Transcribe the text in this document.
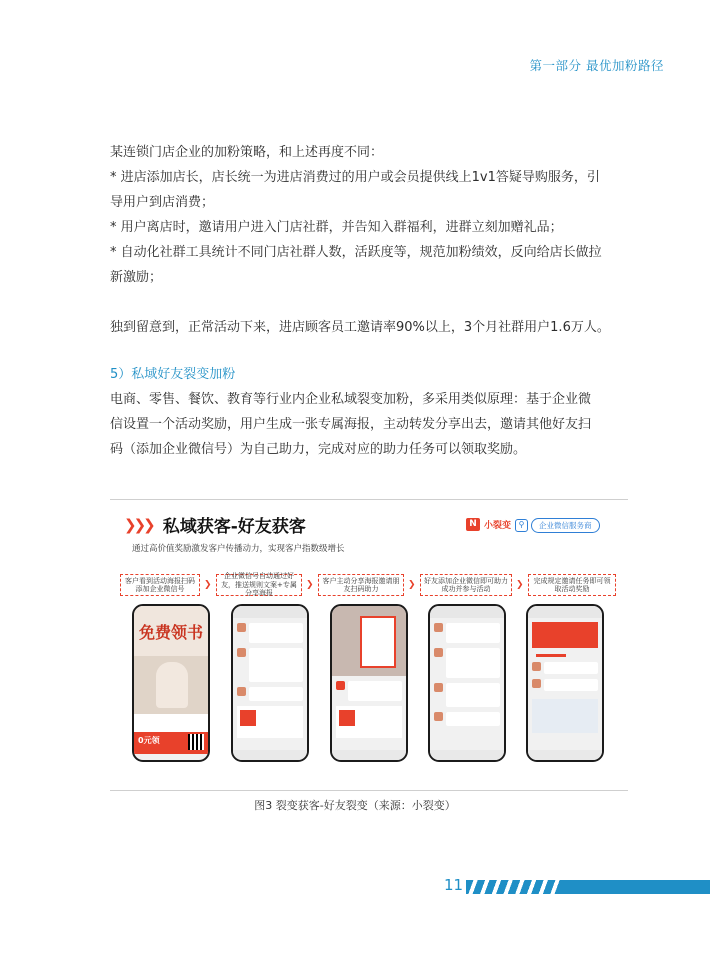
第一部分 最优加粉路径

某连锁门店企业的加粉策略，和上述再度不同：

* 进店添加店长，店长统一为进店消费过的用户或会员提供线上1v1答疑导购服务，引

导用户到店消费；

* 用户离店时，邀请用户进入门店社群，并告知入群福利，进群立刻加赠礼品；

* 自动化社群工具统计不同门店社群人数，活跃度等，规范加粉绩效，反向给店长做拉

新激励；

独到留意到，正常活动下来，进店顾客员工邀请率90%以上，3个月社群用户1.6万人。

5）私域好友裂变加粉

电商、零售、餐饮、教育等行业内企业私域裂变加粉，多采用类似原理：基于企业微

信设置一个活动奖励，用户生成一张专属海报，主动转发分享出去，邀请其他好友扫

码（添加企业微信号）为自己助力，完成对应的助力任务可以领取奖励。

❯❯❯ 私域获客-好友获客
通过高价值奖励激发客户传播动力，实现客户指数级增长
N 小裂变 ⚲	企业微信服务商
客户看到活动海报扫码添加企业微信号	❯
企业微信号自动通过好友，推送规则文案+专属分享海报
❯	客户主动分享海报邀请朋友扫码助力	❯	好友添加企业微信即可助力成功并参与活动	❯	完成规定邀请任务即可领取活动奖励
免费领书
0元领
图3 裂变获客-好友裂变（来源：小裂变）
11
